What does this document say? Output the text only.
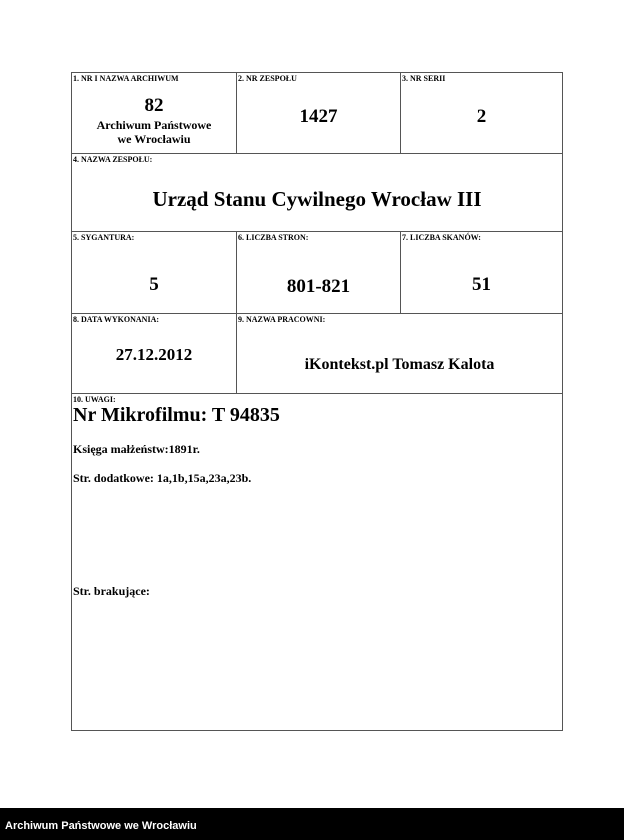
1. NR I NAZWA ARCHIWUM
82
Archiwum Państwowe
we Wrocławiu
2. NR ZESPOŁU
1427
3. NR SERII
2
4. NAZWA ZESPOŁU:
Urząd Stanu Cywilnego Wrocław III
5. SYGANTURA:
5
6. LICZBA STRON:
801-821
7. LICZBA SKANÓW:
51
8. DATA WYKONANIA:
27.12.2012
9. NAZWA PRACOWNI:
iKontekst.pl Tomasz Kalota
10. UWAGI:
Nr Mikrofilmu: T 94835
Księga małżeństw:1891r.
Str. dodatkowe: 1a,1b,15a,23a,23b.
Str. brakujące:
Archiwum Państwowe we Wrocławiu
